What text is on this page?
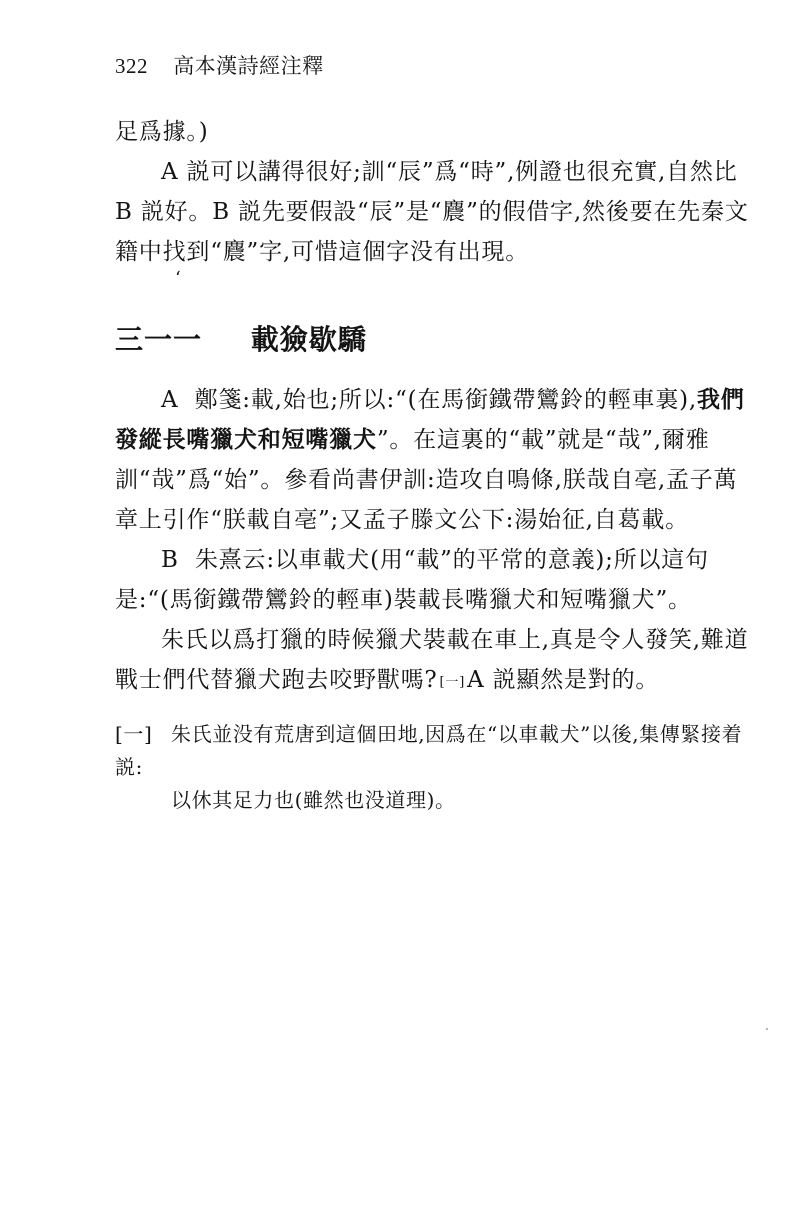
322 高本漢詩經注釋

足爲據。)

A 説可以講得很好;訓“辰”爲“時”,例證也很充實,自然比 B 説好。B 説先要假設“辰”是“麎”的假借字,然後要在先秦文籍中找到“麎”字,可惜這個字没有出現。

‘
三一一 載獫歇驕

A 鄭箋:載,始也;所以:“(在馬銜鐵帶鸞鈴的輕車裏),我們發縱長嘴獵犬和短嘴獵犬”。在這裏的“載”就是“哉”,爾雅訓“哉”爲“始”。參看尚書伊訓:造攻自鳴條,朕哉自亳,孟子萬章上引作“朕載自亳”;又孟子滕文公下:湯始征,自葛載。

B 朱熹云:以車載犬(用“載”的平常的意義);所以這句是:“(馬銜鐵帶鸞鈴的輕車)裝載長嘴獵犬和短嘴獵犬”。

朱氏以爲打獵的時候獵犬裝載在車上,真是令人發笑,難道戰士們代替獵犬跑去咬野獸嗎? [一]A 説顯然是對的。

[一] 朱氏並没有荒唐到這個田地,因爲在“以車載犬”以後,集傳緊接着説:
以休其足力也(雖然也没道理)。
